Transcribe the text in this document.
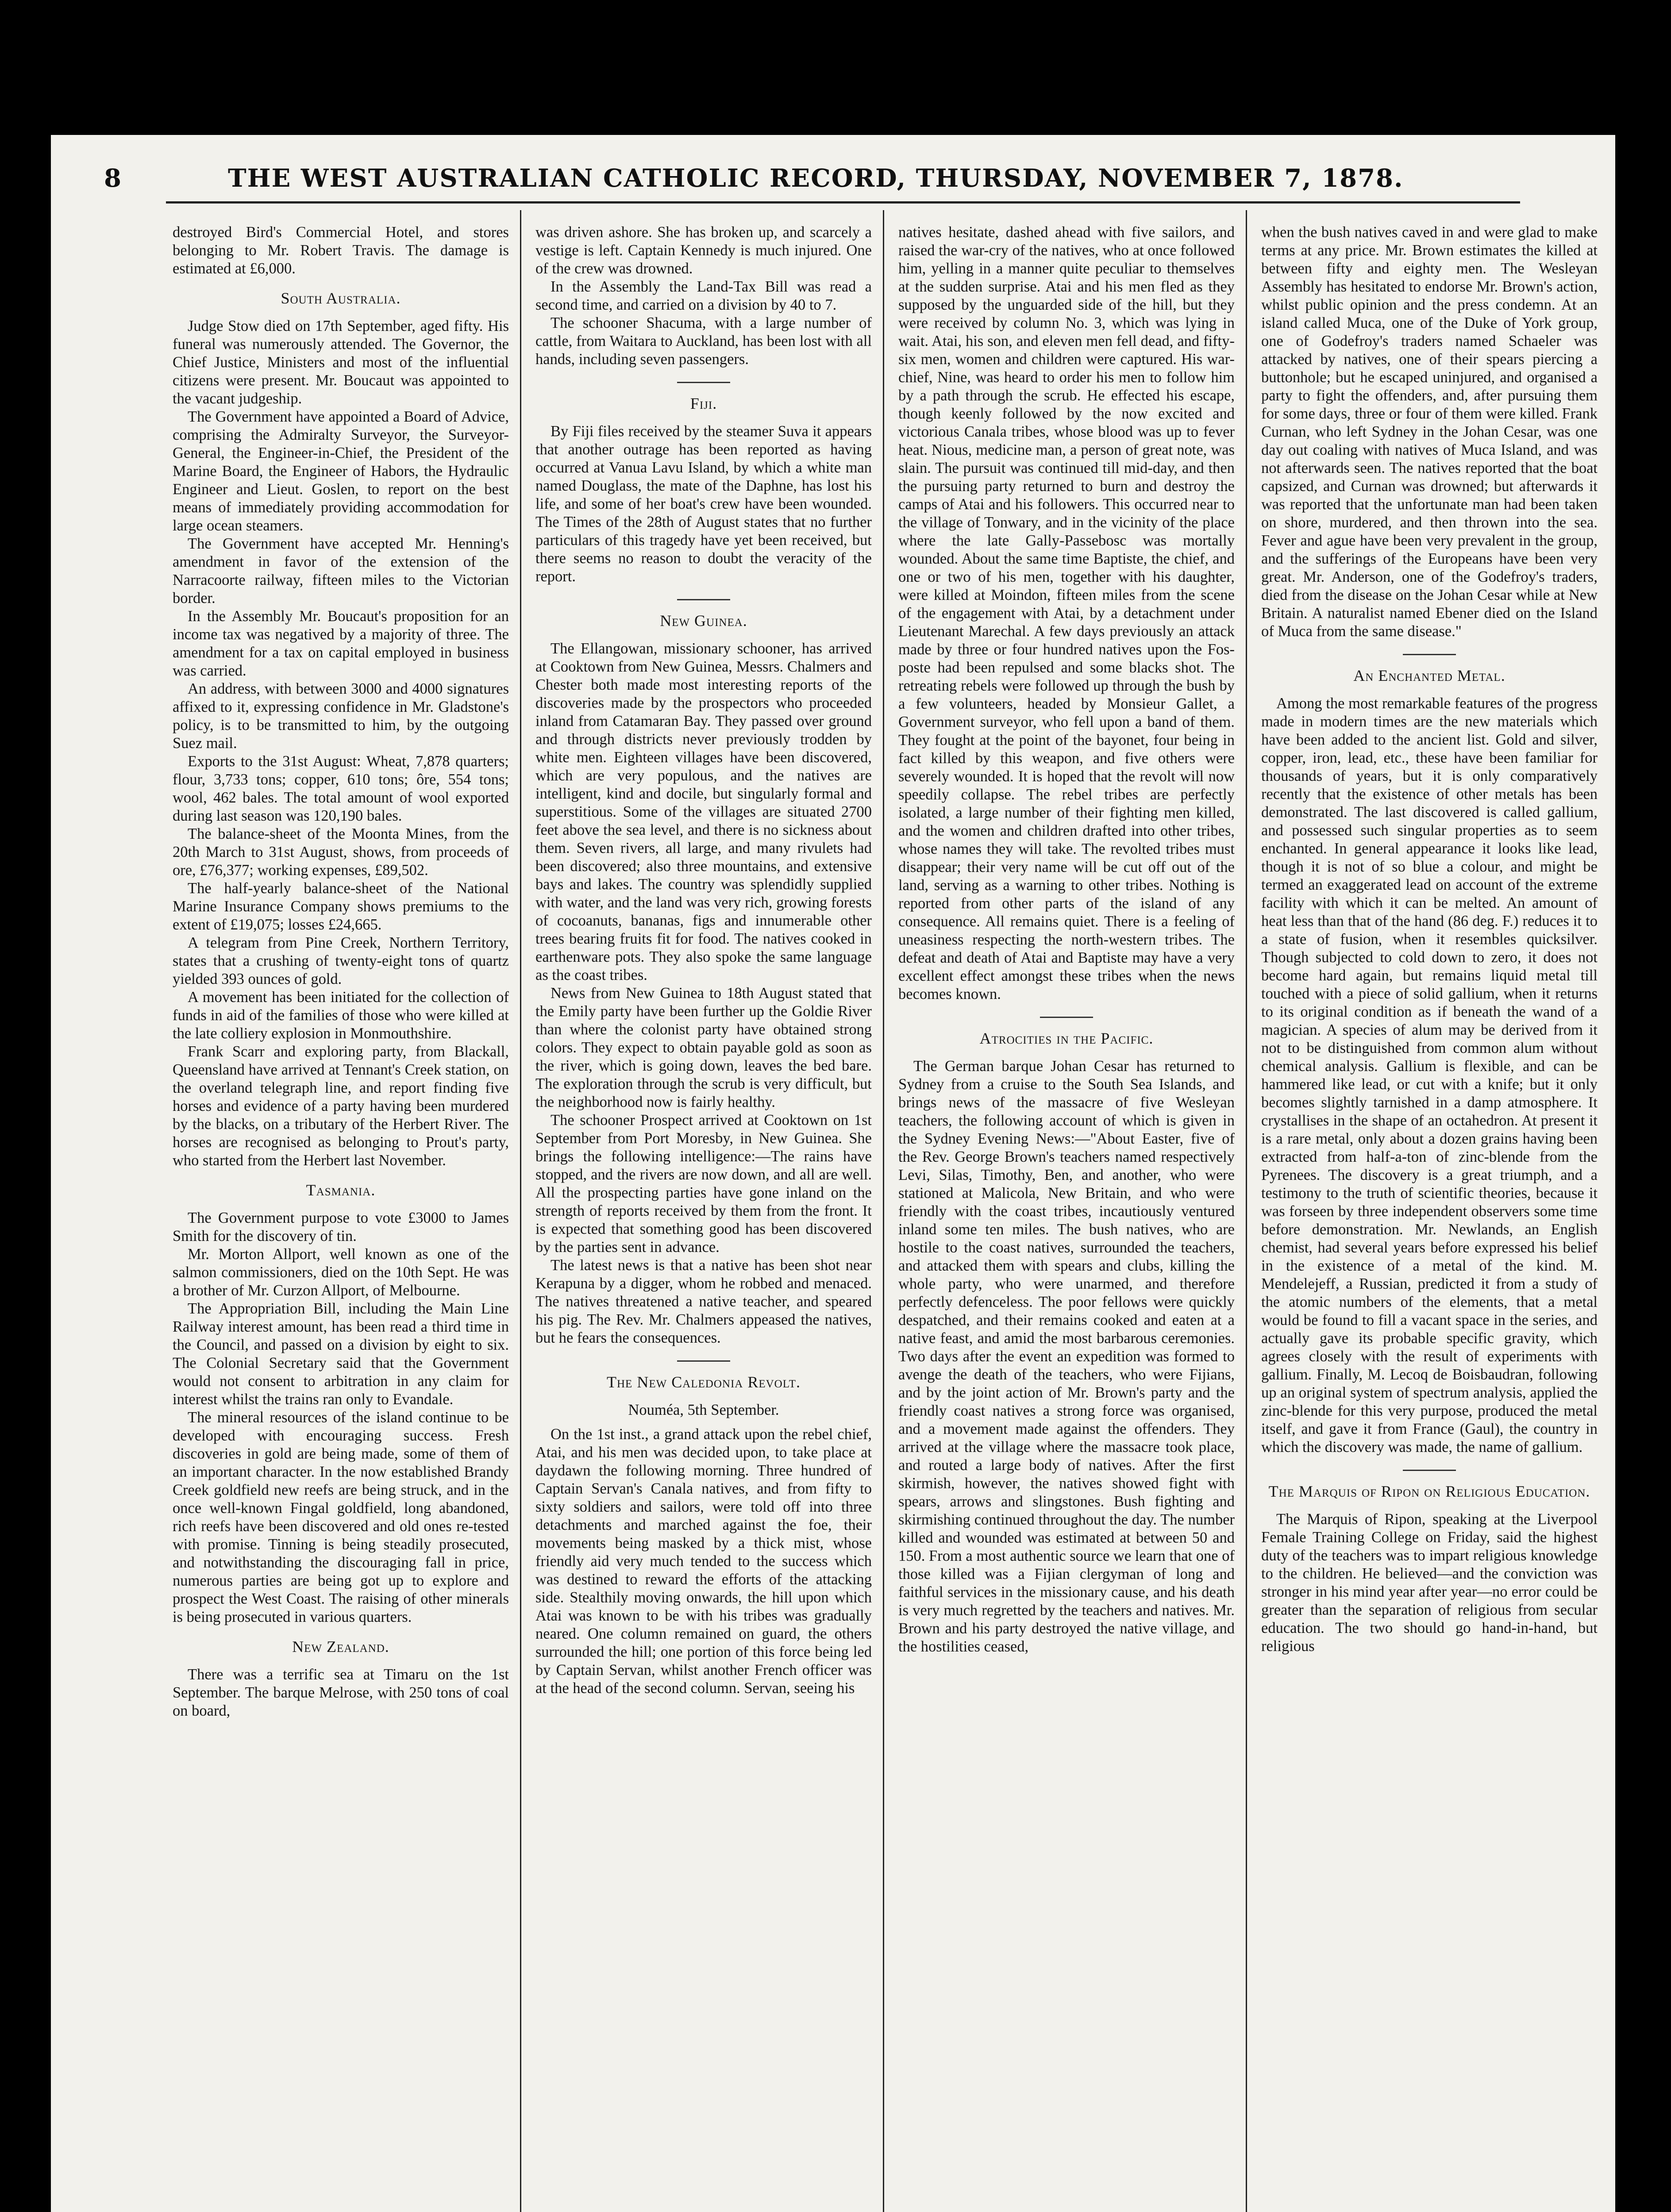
8	THE WEST AUSTRALIAN CATHOLIC RECORD, THURSDAY, NOVEMBER 7, 1878.

destroyed Bird's Commercial Hotel, and stores belonging to Mr. Robert Travis. The damage is estimated at £6,000.

South Australia.

Judge Stow died on 17th September, aged fifty. His funeral was numerously attended. The Governor, the Chief Justice, Ministers and most of the influential citizens were present. Mr. Boucaut was appointed to the vacant judgeship.

The Government have appointed a Board of Advice, comprising the Admiralty Surveyor, the Surveyor-General, the Engineer-in-Chief, the President of the Marine Board, the Engineer of Habors, the Hydraulic Engineer and Lieut. Goslen, to report on the best means of immediately providing accommodation for large ocean steamers.

The Government have accepted Mr. Henning's amendment in favor of the extension of the Narracoorte railway, fifteen miles to the Victorian border.

In the Assembly Mr. Boucaut's proposition for an income tax was negatived by a majority of three. The amendment for a tax on capital employed in business was carried.

An address, with between 3000 and 4000 signatures affixed to it, expressing confidence in Mr. Gladstone's policy, is to be transmitted to him, by the outgoing Suez mail.

Exports to the 31st August: Wheat, 7,878 quarters; flour, 3,733 tons; copper, 610 tons; ôre, 554 tons; wool, 462 bales. The total amount of wool exported during last season was 120,190 bales.

The balance-sheet of the Moonta Mines, from the 20th March to 31st August, shows, from proceeds of ore, £76,377; working expenses, £89,502.

The half-yearly balance-sheet of the National Marine Insurance Company shows premiums to the extent of £19,075; losses £24,665.

A telegram from Pine Creek, Northern Territory, states that a crushing of twenty-eight tons of quartz yielded 393 ounces of gold.

A movement has been initiated for the collection of funds in aid of the families of those who were killed at the late colliery explosion in Monmouthshire.

Frank Scarr and exploring party, from Blackall, Queensland have arrived at Tennant's Creek station, on the overland telegraph line, and report finding five horses and evidence of a party having been murdered by the blacks, on a tributary of the Herbert River. The horses are recognised as belonging to Prout's party, who started from the Herbert last November.

Tasmania.

The Government purpose to vote £3000 to James Smith for the discovery of tin.

Mr. Morton Allport, well known as one of the salmon commissioners, died on the 10th Sept. He was a brother of Mr. Curzon Allport, of Melbourne.

The Appropriation Bill, including the Main Line Railway interest amount, has been read a third time in the Council, and passed on a division by eight to six. The Colonial Secretary said that the Government would not consent to arbitration in any claim for interest whilst the trains ran only to Evandale.

The mineral resources of the island continue to be developed with encouraging success. Fresh discoveries in gold are being made, some of them of an important character. In the now established Brandy Creek goldfield new reefs are being struck, and in the once well-known Fingal goldfield, long abandoned, rich reefs have been discovered and old ones re-tested with promise. Tinning is being steadily prosecuted, and notwithstanding the discouraging fall in price, numerous parties are being got up to explore and prospect the West Coast. The raising of other minerals is being prosecuted in various quarters.

New Zealand.

There was a terrific sea at Timaru on the 1st September. The barque Melrose, with 250 tons of coal on board,

was driven ashore. She has broken up, and scarcely a vestige is left. Captain Kennedy is much injured. One of the crew was drowned.

In the Assembly the Land-Tax Bill was read a second time, and carried on a division by 40 to 7.

The schooner Shacuma, with a large number of cattle, from Waitara to Auckland, has been lost with all hands, including seven passengers.

Fiji.

By Fiji files received by the steamer Suva it appears that another outrage has been reported as having occurred at Vanua Lavu Island, by which a white man named Douglass, the mate of the Daphne, has lost his life, and some of her boat's crew have been wounded. The Times of the 28th of August states that no further particulars of this tragedy have yet been received, but there seems no reason to doubt the veracity of the report.

New Guinea.

The Ellangowan, missionary schooner, has arrived at Cooktown from New Guinea, Messrs. Chalmers and Chester both made most interesting reports of the discoveries made by the prospectors who proceeded inland from Catamaran Bay. They passed over ground and through districts never previously trodden by white men. Eighteen villages have been discovered, which are very populous, and the natives are intelligent, kind and docile, but singularly formal and superstitious. Some of the villages are situated 2700 feet above the sea level, and there is no sickness about them. Seven rivers, all large, and many rivulets had been discovered; also three mountains, and extensive bays and lakes. The country was splendidly supplied with water, and the land was very rich, growing forests of cocoanuts, bananas, figs and innumerable other trees bearing fruits fit for food. The natives cooked in earthenware pots. They also spoke the same language as the coast tribes.

News from New Guinea to 18th August stated that the Emily party have been further up the Goldie River than where the colonist party have obtained strong colors. They expect to obtain payable gold as soon as the river, which is going down, leaves the bed bare. The exploration through the scrub is very difficult, but the neighborhood now is fairly healthy.

The schooner Prospect arrived at Cooktown on 1st September from Port Moresby, in New Guinea. She brings the following intelligence:—The rains have stopped, and the rivers are now down, and all are well. All the prospecting parties have gone inland on the strength of reports received by them from the front. It is expected that something good has been discovered by the parties sent in advance.

The latest news is that a native has been shot near Kerapuna by a digger, whom he robbed and menaced. The natives threatened a native teacher, and speared his pig. The Rev. Mr. Chalmers appeased the natives, but he fears the consequences.

The New Caledonia Revolt.

Nouméa, 5th September.

On the 1st inst., a grand attack upon the rebel chief, Atai, and his men was decided upon, to take place at daydawn the following morning. Three hundred of Captain Servan's Canala natives, and from fifty to sixty soldiers and sailors, were told off into three detachments and marched against the foe, their movements being masked by a thick mist, whose friendly aid very much tended to the success which was destined to reward the efforts of the attacking side. Stealthily moving onwards, the hill upon which Atai was known to be with his tribes was gradually neared. One column remained on guard, the others surrounded the hill; one portion of this force being led by Captain Servan, whilst another French officer was at the head of the second column. Servan, seeing his

natives hesitate, dashed ahead with five sailors, and raised the war-cry of the natives, who at once followed him, yelling in a manner quite peculiar to themselves at the sudden surprise. Atai and his men fled as they supposed by the unguarded side of the hill, but they were received by column No. 3, which was lying in wait. Atai, his son, and eleven men fell dead, and fifty-six men, women and children were captured. His war-chief, Nine, was heard to order his men to follow him by a path through the scrub. He effected his escape, though keenly followed by the now excited and victorious Canala tribes, whose blood was up to fever heat. Nious, medicine man, a person of great note, was slain. The pursuit was continued till mid-day, and then the pursuing party returned to burn and destroy the camps of Atai and his followers. This occurred near to the village of Tonwary, and in the vicinity of the place where the late Gally-Passebosc was mortally wounded. About the same time Baptiste, the chief, and one or two of his men, together with his daughter, were killed at Moindon, fifteen miles from the scene of the engagement with Atai, by a detachment under Lieutenant Marechal. A few days previously an attack made by three or four hundred natives upon the Fos-poste had been repulsed and some blacks shot. The retreating rebels were followed up through the bush by a few volunteers, headed by Monsieur Gallet, a Government surveyor, who fell upon a band of them. They fought at the point of the bayonet, four being in fact killed by this weapon, and five others were severely wounded. It is hoped that the revolt will now speedily collapse. The rebel tribes are perfectly isolated, a large number of their fighting men killed, and the women and children drafted into other tribes, whose names they will take. The revolted tribes must disappear; their very name will be cut off out of the land, serving as a warning to other tribes. Nothing is reported from other parts of the island of any consequence. All remains quiet. There is a feeling of uneasiness respecting the north-western tribes. The defeat and death of Atai and Baptiste may have a very excellent effect amongst these tribes when the news becomes known.

Atrocities in the Pacific.

The German barque Johan Cesar has returned to Sydney from a cruise to the South Sea Islands, and brings news of the massacre of five Wesleyan teachers, the following account of which is given in the Sydney Evening News:—"About Easter, five of the Rev. George Brown's teachers named respectively Levi, Silas, Timothy, Ben, and another, who were stationed at Malicola, New Britain, and who were friendly with the coast tribes, incautiously ventured inland some ten miles. The bush natives, who are hostile to the coast natives, surrounded the teachers, and attacked them with spears and clubs, killing the whole party, who were unarmed, and therefore perfectly defenceless. The poor fellows were quickly despatched, and their remains cooked and eaten at a native feast, and amid the most barbarous ceremonies. Two days after the event an expedition was formed to avenge the death of the teachers, who were Fijians, and by the joint action of Mr. Brown's party and the friendly coast natives a strong force was organised, and a movement made against the offenders. They arrived at the village where the massacre took place, and routed a large body of natives. After the first skirmish, however, the natives showed fight with spears, arrows and slingstones. Bush fighting and skirmishing continued throughout the day. The number killed and wounded was estimated at between 50 and 150. From a most authentic source we learn that one of those killed was a Fijian clergyman of long and faithful services in the missionary cause, and his death is very much regretted by the teachers and natives. Mr. Brown and his party destroyed the native village, and the hostilities ceased,

when the bush natives caved in and were glad to make terms at any price. Mr. Brown estimates the killed at between fifty and eighty men. The Wesleyan Assembly has hesitated to endorse Mr. Brown's action, whilst public opinion and the press condemn. At an island called Muca, one of the Duke of York group, one of Godefroy's traders named Schaeler was attacked by natives, one of their spears piercing a buttonhole; but he escaped uninjured, and organised a party to fight the offenders, and, after pursuing them for some days, three or four of them were killed. Frank Curnan, who left Sydney in the Johan Cesar, was one day out coaling with natives of Muca Island, and was not afterwards seen. The natives reported that the boat capsized, and Curnan was drowned; but afterwards it was reported that the unfortunate man had been taken on shore, murdered, and then thrown into the sea. Fever and ague have been very prevalent in the group, and the sufferings of the Europeans have been very great. Mr. Anderson, one of the Godefroy's traders, died from the disease on the Johan Cesar while at New Britain. A naturalist named Ebener died on the Island of Muca from the same disease."

An Enchanted Metal.

Among the most remarkable features of the progress made in modern times are the new materials which have been added to the ancient list. Gold and silver, copper, iron, lead, etc., these have been familiar for thousands of years, but it is only comparatively recently that the existence of other metals has been demonstrated. The last discovered is called gallium, and possessed such singular properties as to seem enchanted. In general appearance it looks like lead, though it is not of so blue a colour, and might be termed an exaggerated lead on account of the extreme facility with which it can be melted. An amount of heat less than that of the hand (86 deg. F.) reduces it to a state of fusion, when it resembles quicksilver. Though subjected to cold down to zero, it does not become hard again, but remains liquid metal till touched with a piece of solid gallium, when it returns to its original condition as if beneath the wand of a magician. A species of alum may be derived from it not to be distinguished from common alum without chemical analysis. Gallium is flexible, and can be hammered like lead, or cut with a knife; but it only becomes slightly tarnished in a damp atmosphere. It crystallises in the shape of an octahedron. At present it is a rare metal, only about a dozen grains having been extracted from half-a-ton of zinc-blende from the Pyrenees. The discovery is a great triumph, and a testimony to the truth of scientific theories, because it was forseen by three independent observers some time before demonstration. Mr. Newlands, an English chemist, had several years before expressed his belief in the existence of a metal of the kind. M. Mendelejeff, a Russian, predicted it from a study of the atomic numbers of the elements, that a metal would be found to fill a vacant space in the series, and actually gave its probable specific gravity, which agrees closely with the result of experiments with gallium. Finally, M. Lecoq de Boisbaudran, following up an original system of spectrum analysis, applied the zinc-blende for this very purpose, produced the metal itself, and gave it from France (Gaul), the country in which the discovery was made, the name of gallium.

The Marquis of Ripon on Religious Education.

The Marquis of Ripon, speaking at the Liverpool Female Training College on Friday, said the highest duty of the teachers was to impart religious knowledge to the children. He believed—and the conviction was stronger in his mind year after year—no error could be greater than the separation of religious from secular education. The two should go hand-in-hand, but religious
